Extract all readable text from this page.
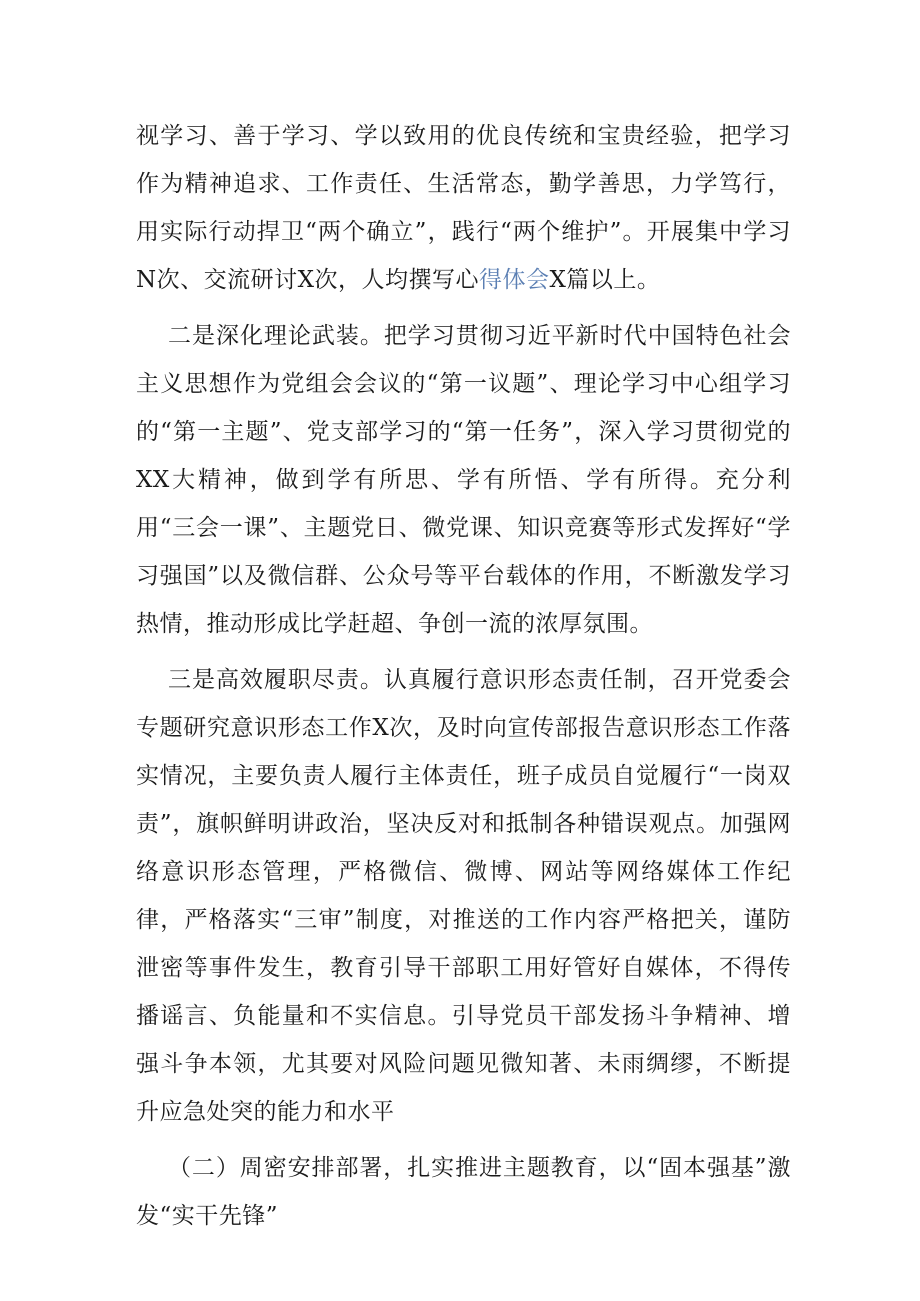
视学习、善于学习、学以致用的优良传统和宝贵经验，把学习作为精神追求、工作责任、生活常态，勤学善思，力学笃行，用实际行动捍卫“两个确立”，践行“两个维护”。开展集中学习N次、交流研讨X次，人均撰写心得体会X篇以上。

二是深化理论武装。把学习贯彻习近平新时代中国特色社会主义思想作为党组会会议的“第一议题”、理论学习中心组学习的“第一主题”、党支部学习的“第一任务”，深入学习贯彻党的XX大精神，做到学有所思、学有所悟、学有所得。充分利用“三会一课”、主题党日、微党课、知识竞赛等形式发挥好“学习强国”以及微信群、公众号等平台载体的作用，不断激发学习热情，推动形成比学赶超、争创一流的浓厚氛围。

三是高效履职尽责。认真履行意识形态责任制，召开党委会专题研究意识形态工作X次，及时向宣传部报告意识形态工作落实情况，主要负责人履行主体责任，班子成员自觉履行“一岗双责”，旗帜鲜明讲政治，坚决反对和抵制各种错误观点。加强网络意识形态管理，严格微信、微博、网站等网络媒体工作纪律，严格落实“三审”制度，对推送的工作内容严格把关，谨防泄密等事件发生，教育引导干部职工用好管好自媒体，不得传播谣言、负能量和不实信息。引导党员干部发扬斗争精神、增强斗争本领，尤其要对风险问题见微知著、未雨绸缪，不断提升应急处突的能力和水平

（二）周密安排部署，扎实推进主题教育，以“固本强基”激发“实干先锋”
